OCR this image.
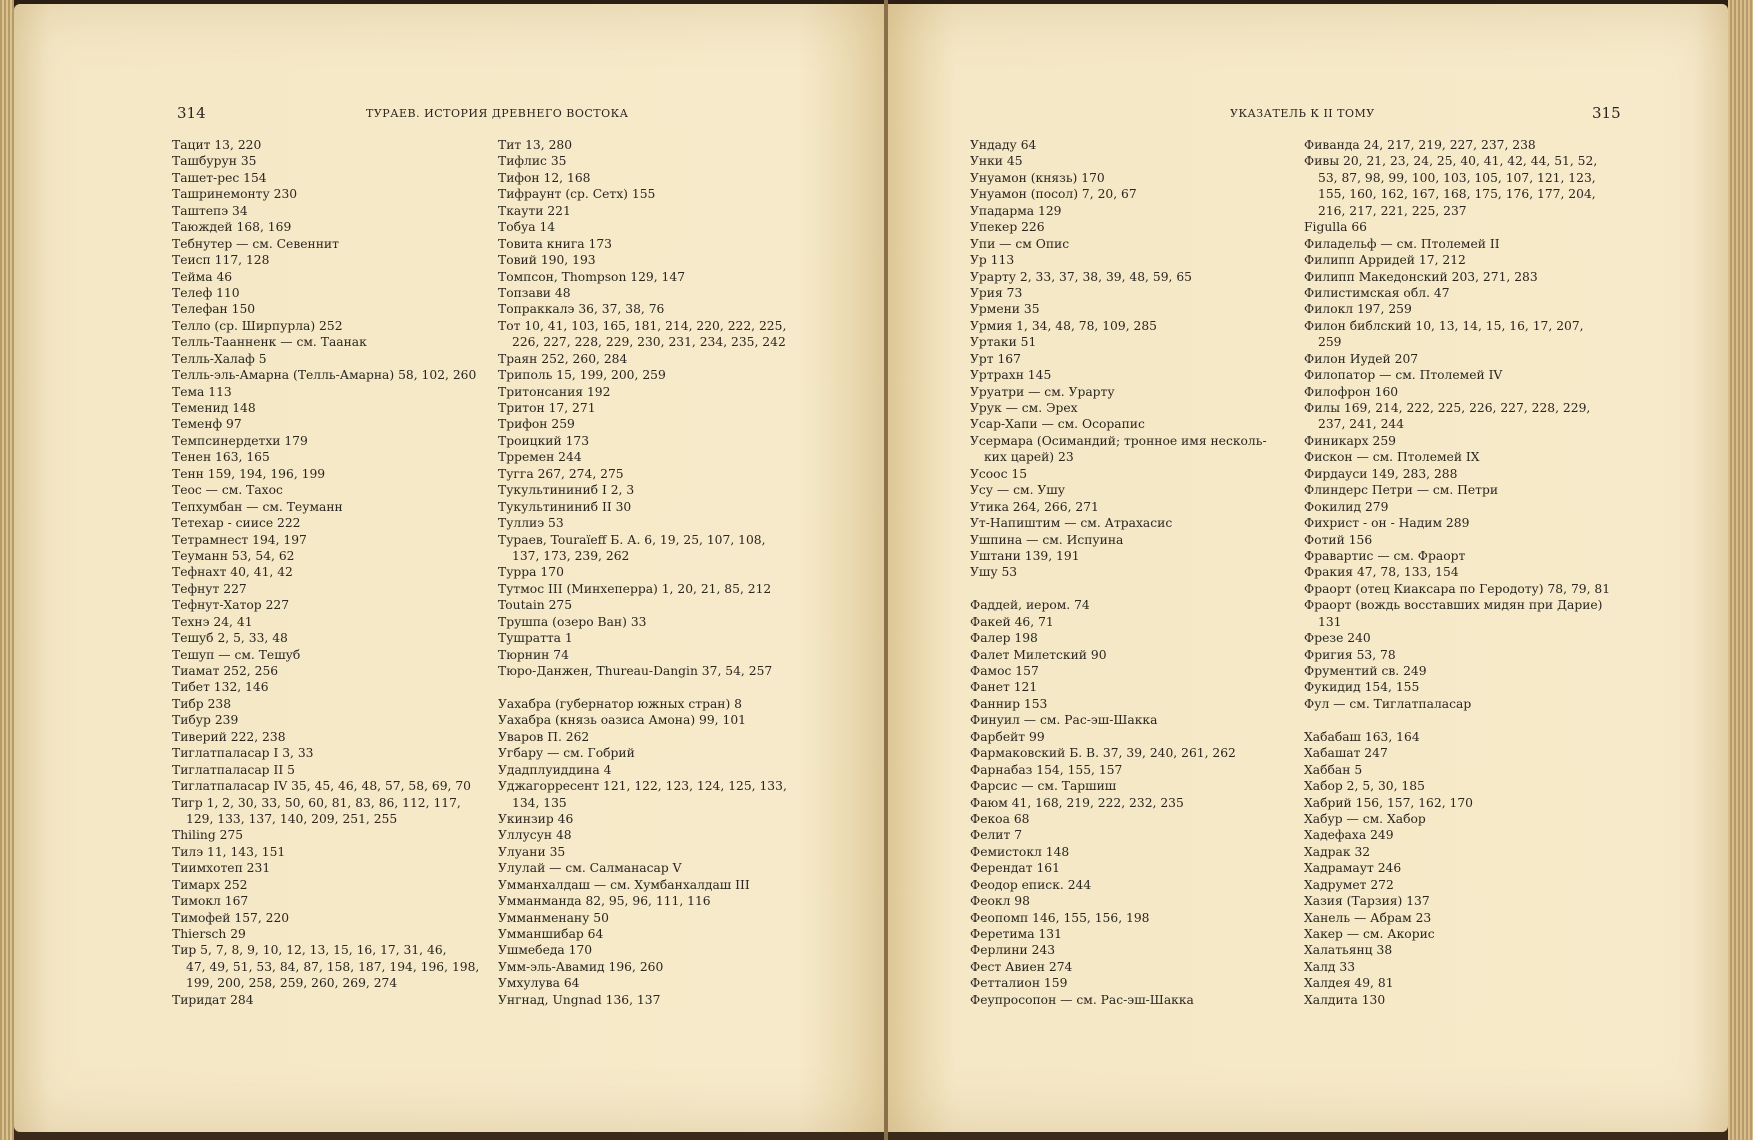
314	ТУРАЕВ. ИСТОРИЯ ДРЕВНЕГО ВОСТОКА
Тацит 13, 220
Ташбурун 35
Ташет-рес 154
Ташринемонту 230
Таштепэ 34
Таюждей 168, 169
Тебнутер — см. Севеннит
Теисп 117, 128
Тейма 46
Телеф 110
Телефан 150
Телло (ср. Ширпурла) 252
Телль-Таанненк — см. Таанак
Телль-Халаф 5
Телль-эль-Амарна (Телль-Амарна) 58, 102, 260
Тема 113
Теменид 148
Теменф 97
Темпсинердетхи 179
Тенен 163, 165
Тенн 159, 194, 196, 199
Теос — см. Тахос
Тепхумбан — см. Теуманн
Тетехар - сиисе 222
Тетрамнест 194, 197
Теуманн 53, 54, 62
Тефнахт 40, 41, 42
Тефнут 227
Тефнут-Хатор 227
Технэ 24, 41
Тешуб 2, 5, 33, 48
Тешуп — см. Тешуб
Тиамат 252, 256
Тибет 132, 146
Тибр 238
Тибур 239
Тиверий 222, 238
Тиглатпаласар I 3, 33
Тиглатпаласар II 5
Тиглатпаласар IV 35, 45, 46, 48, 57, 58, 69, 70
Тигр 1, 2, 30, 33, 50, 60, 81, 83, 86, 112, 117,
129, 133, 137, 140, 209, 251, 255
Thiling 275
Тилэ 11, 143, 151
Тиимхотеп 231
Тимарх 252
Тимокл 167
Тимофей 157, 220
Thiersch 29
Тир 5, 7, 8, 9, 10, 12, 13, 15, 16, 17, 31, 46,
47, 49, 51, 53, 84, 87, 158, 187, 194, 196, 198,
199, 200, 258, 259, 260, 269, 274
Тиридат 284
Тит 13, 280
Тифлис 35
Тифон 12, 168
Тифраунт (ср. Сетх) 155
Ткаути 221
Тобуа 14
Товита книга 173
Товий 190, 193
Томпсон, Thompson 129, 147
Топзави 48
Топраккалэ 36, 37, 38, 76
Тот 10, 41, 103, 165, 181, 214, 220, 222, 225,
226, 227, 228, 229, 230, 231, 234, 235, 242
Траян 252, 260, 284
Триполь 15, 199, 200, 259
Тритонсания 192
Тритон 17, 271
Трифон 259
Троицкий 173
Трремен 244
Тугга 267, 274, 275
Тукультининиб I 2, 3
Тукультининиб II 30
Туллиэ 53
Тураев, Touraïeff Б. А. 6, 19, 25, 107, 108,
137, 173, 239, 262
Турра 170
Тутмос III (Минхеперра) 1, 20, 21, 85, 212
Toutain 275
Трушпа (озеро Ван) 33
Тушратта 1
Тюрнин 74
Тюро-Данжен, Thureau-Dangin 37, 54, 257
Уахабра (губернатор южных стран) 8
Уахабра (князь оазиса Амона) 99, 101
Уваров П. 262
Угбару — см. Гобрий
Удадплуиддина 4
Уджагорресент 121, 122, 123, 124, 125, 133,
134, 135
Укинзир 46
Уллусун 48
Улуани 35
Улулай — см. Салманасар V
Умманхалдаш — см. Хумбанхалдаш III
Умманманда 82, 95, 96, 111, 116
Умманменану 50
Умманшибар 64
Ушмебеда 170
Умм-эль-Авамид 196, 260
Умхулува 64
Унгнад, Ungnad 136, 137
УКАЗАТЕЛЬ К II ТОМУ	315
Ундаду 64
Унки 45
Унуамон (князь) 170
Унуамон (посол) 7, 20, 67
Упадарма 129
Упекер 226
Упи — см Опис
Ур 113
Урарту 2, 33, 37, 38, 39, 48, 59, 65
Урия 73
Урмени 35
Урмия 1, 34, 48, 78, 109, 285
Уртаки 51
Урт 167
Уртрахн 145
Уруатри — см. Урарту
Урук — см. Эрех
Усар-Хапи — см. Осорапис
Усермара (Осимандий; тронное имя несколь-
ких царей) 23
Усоос 15
Усу — см. Ушу
Утика 264, 266, 271
Ут-Напиштим — см. Атрахасис
Ушпина — см. Испуина
Уштани 139, 191
Ушу 53
Фаддей, иером. 74
Факей 46, 71
Фалер 198
Фалет Милетский 90
Фамос 157
Фанет 121
Фаннир 153
Финуил — см. Рас-эш-Шакка
Фарбейт 99
Фармаковский Б. В. 37, 39, 240, 261, 262
Фарнабаз 154, 155, 157
Фарсис — см. Таршиш
Фаюм 41, 168, 219, 222, 232, 235
Фекоа 68
Фелит 7
Фемистокл 148
Ферендат 161
Феодор еписк. 244
Феокл 98
Феопомп 146, 155, 156, 198
Феретима 131
Ферлини 243
Фест Авиен 274
Фетталион 159
Феупросопон — см. Рас-эш-Шакка
Фиванда 24, 217, 219, 227, 237, 238
Фивы 20, 21, 23, 24, 25, 40, 41, 42, 44, 51, 52,
53, 87, 98, 99, 100, 103, 105, 107, 121, 123,
155, 160, 162, 167, 168, 175, 176, 177, 204,
216, 217, 221, 225, 237
Figulla 66
Филадельф — см. Птолемей II
Филипп Арридей 17, 212
Филипп Македонский 203, 271, 283
Филистимская обл. 47
Филокл 197, 259
Филон библский 10, 13, 14, 15, 16, 17, 207,
259
Филон Иудей 207
Филопатор — см. Птолемей IV
Филофрон 160
Филы 169, 214, 222, 225, 226, 227, 228, 229,
237, 241, 244
Финикарх 259
Фискон — см. Птолемей IX
Фирдауси 149, 283, 288
Флиндерс Петри — см. Петри
Фокилид 279
Фихрист - он - Надим 289
Фотий 156
Фравартис — см. Фраорт
Фракия 47, 78, 133, 154
Фраорт (отец Киаксара по Геродоту) 78, 79, 81
Фраорт (вождь восставших мидян при Дарие)
131
Фрезе 240
Фригия 53, 78
Фрументий св. 249
Фукидид 154, 155
Фул — см. Тиглатпаласар
Хабабаш 163, 164
Хабашат 247
Хаббан 5
Хабор 2, 5, 30, 185
Хабрий 156, 157, 162, 170
Хабур — см. Хабор
Хадефаха 249
Хадрак 32
Хадрамаут 246
Хадрумет 272
Хазия (Тарзия) 137
Ханель — Абрам 23
Хакер — см. Акорис
Халатьянц 38
Халд 33
Халдея 49, 81
Халдита 130
